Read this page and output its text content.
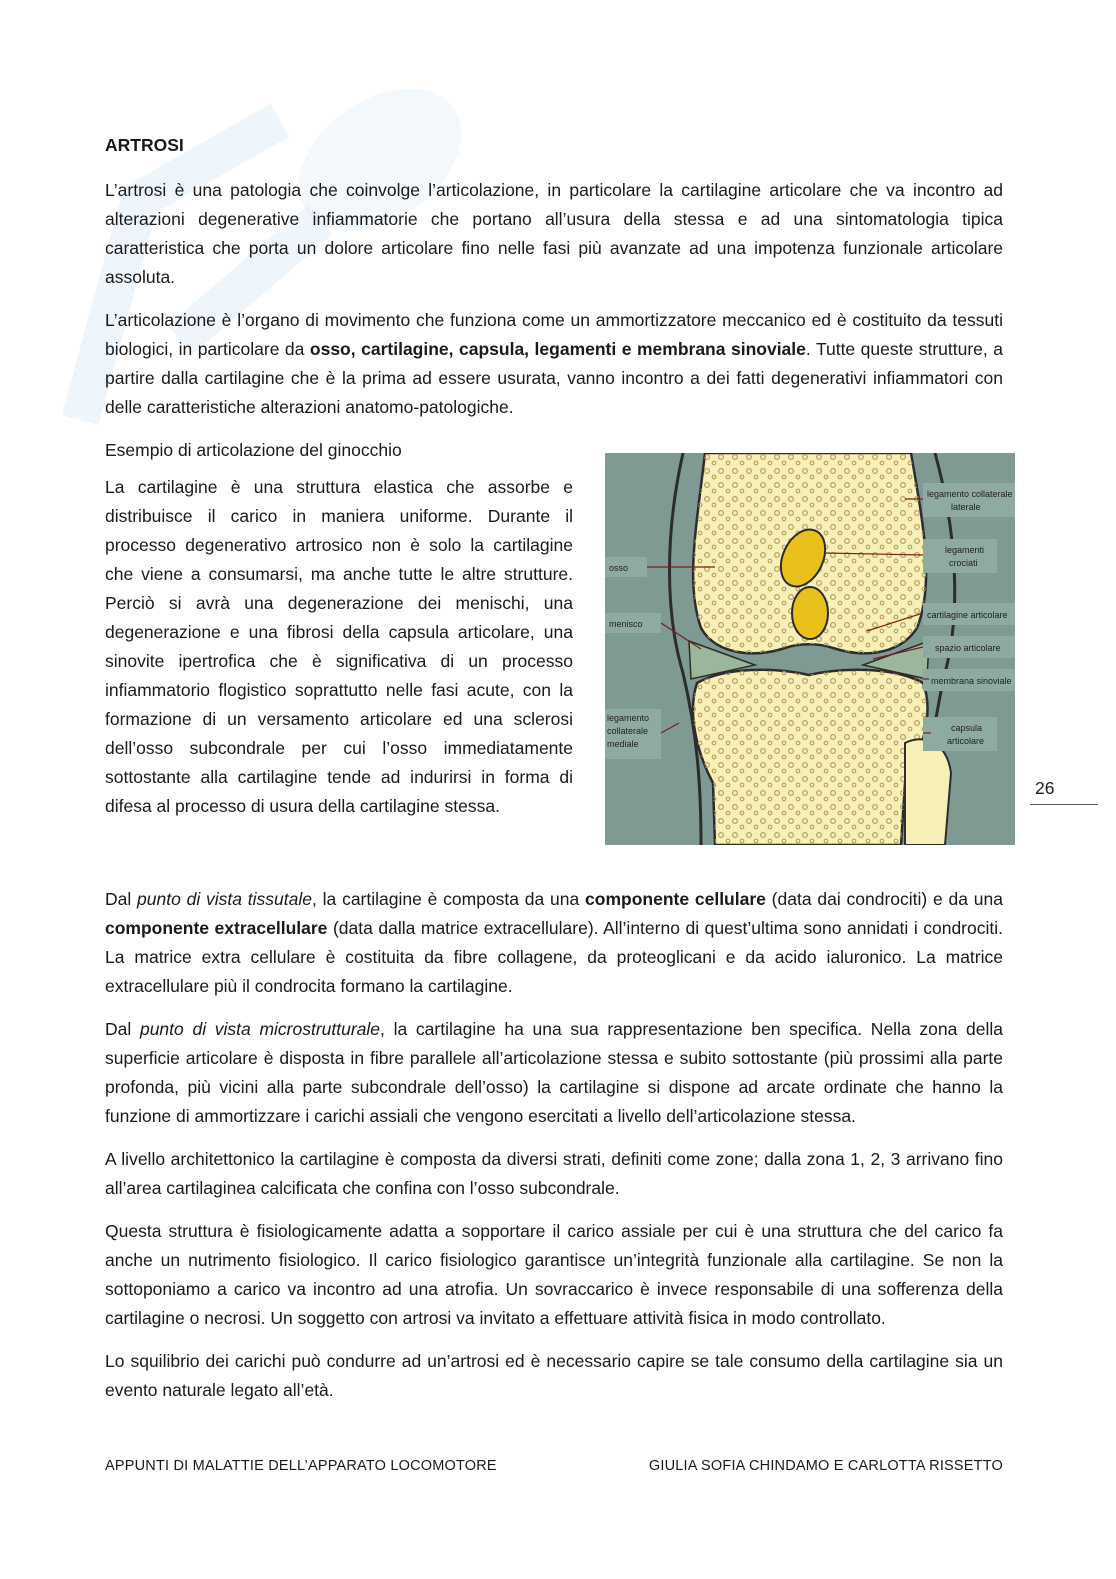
ARTROSI

L’artrosi è una patologia che coinvolge l’articolazione, in particolare la cartilagine articolare che va incontro ad alterazioni degenerative infiammatorie che portano all’usura della stessa e ad una sintomatologia tipica caratteristica che porta un dolore articolare fino nelle fasi più avanzate ad una impotenza funzionale articolare assoluta.

L’articolazione è l’organo di movimento che funziona come un ammortizzatore meccanico ed è costituito da tessuti biologici, in particolare da osso, cartilagine, capsula, legamenti e membrana sinoviale. Tutte queste strutture, a partire dalla cartilagine che è la prima ad essere usurata, vanno incontro a dei fatti degenerativi infiammatori con delle caratteristiche alterazioni anatomo-patologiche.

Esempio di articolazione del ginocchio
La cartilagine è una struttura elastica che assorbe e distribuisce il carico in maniera uniforme. Durante il processo degenerativo artrosico non è solo la cartilagine che viene a consumarsi, ma anche tutte le altre strutture. Perciò si avrà una degenerazione dei menischi, una degenerazione e una fibrosi della capsula articolare, una sinovite ipertrofica che è significativa di un processo infiammatorio flogistico soprattutto nelle fasi acute, con la formazione di un versamento articolare ed una sclerosi dell’osso subcondrale per cui l’osso immediatamente sottostante alla cartilagine tende ad indurirsi in forma di difesa al processo di usura della cartilagine stessa.
osso
menisco
legamento
collaterale
mediale
legamento collaterale
laterale
legamenti
crociati
cartilagine articolare
spazio articolare
membrana sinoviale
capsula
articolare

Dal punto di vista tissutale, la cartilagine è composta da una componente cellulare (data dai condrociti) e da una componente extracellulare (data dalla matrice extracellulare). All’interno di quest’ultima sono annidati i condrociti. La matrice extra cellulare è costituita da fibre collagene, da proteoglicani e da acido ialuronico. La matrice extracellulare più il condrocita formano la cartilagine.

Dal punto di vista microstrutturale, la cartilagine ha una sua rappresentazione ben specifica. Nella zona della superficie articolare è disposta in fibre parallele all’articolazione stessa e subito sottostante (più prossimi alla parte profonda, più vicini alla parte subcondrale dell’osso) la cartilagine si dispone ad arcate ordinate che hanno la funzione di ammortizzare i carichi assiali che vengono esercitati a livello dell’articolazione stessa.

A livello architettonico la cartilagine è composta da diversi strati, definiti come zone; dalla zona 1, 2, 3 arrivano fino all’area cartilaginea calcificata che confina con l’osso subcondrale.

Questa struttura è fisiologicamente adatta a sopportare il carico assiale per cui è una struttura che del carico fa anche un nutrimento fisiologico. Il carico fisiologico garantisce un’integrità funzionale alla cartilagine. Se non la sottoponiamo a carico va incontro ad una atrofia. Un sovraccarico è invece responsabile di una sofferenza della cartilagine o necrosi. Un soggetto con artrosi va invitato a effettuare attività fisica in modo controllato.

Lo squilibrio dei carichi può condurre ad un’artrosi ed è necessario capire se tale consumo della cartilagine sia un evento naturale legato all’età.

26
APPUNTI DI MALATTIE DELL’APPARATO LOCOMOTORE	GIULIA SOFIA CHINDAMO E CARLOTTA RISSETTO
